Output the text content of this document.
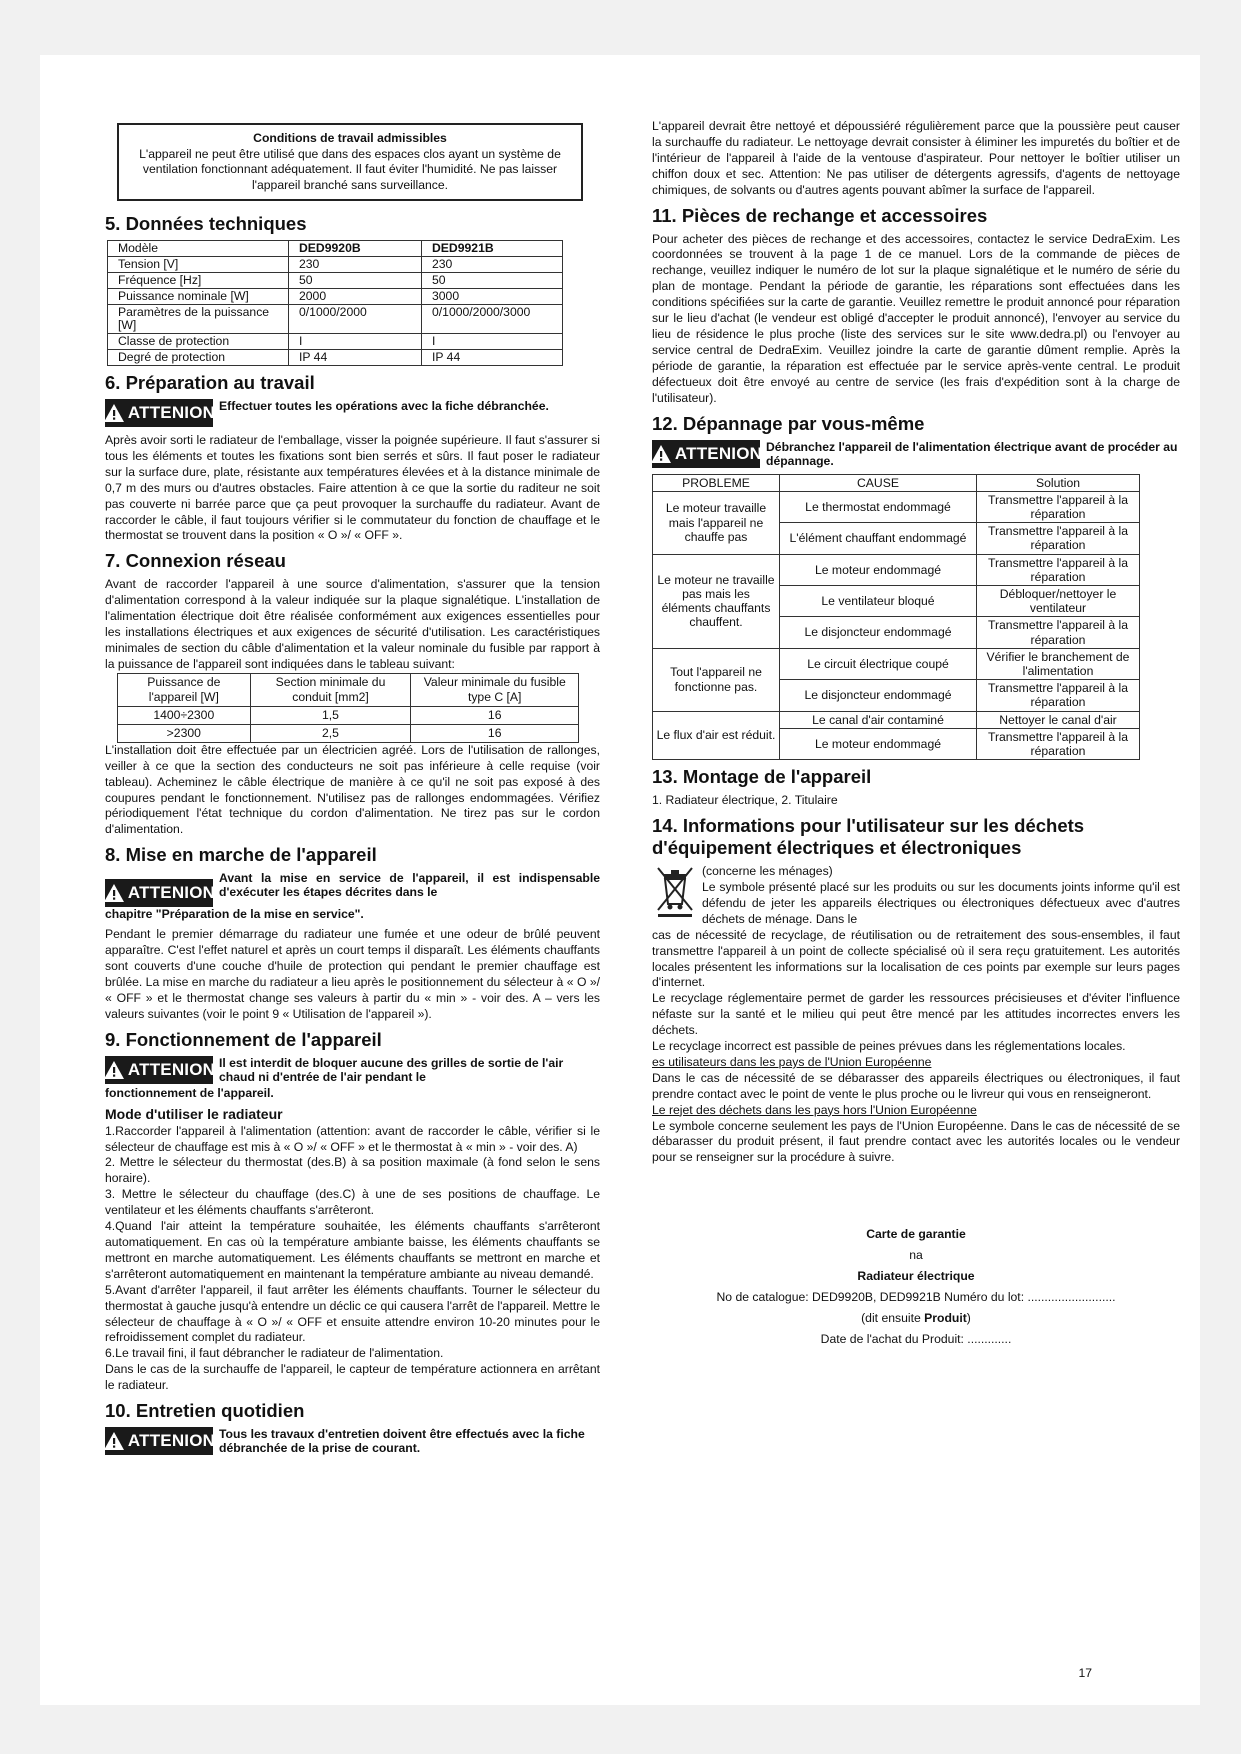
Conditions de travail admissibles
L'appareil ne peut être utilisé que dans des espaces clos ayant un système de ventilation fonctionnant adéquatement. Il faut éviter l'humidité. Ne pas laisser l'appareil branché sans surveillance.
5. Données techniques
Modèle	DED9920B	DED9921B
Tension [V]	230	230
Fréquence [Hz]	50	50
Puissance nominale [W]	2000	3000
Paramètres de la puissance [W]	0/1000/2000	0/1000/2000/3000
Classe de protection	I	I
Degré de protection	IP 44	IP 44
6. Préparation au travail
ATTENION Effectuer toutes les opérations avec la fiche débranchée.

Après avoir sorti le radiateur de l'emballage, visser la poignée supérieure. Il faut s'assurer si tous les éléments et toutes les fixations sont bien serrés et sûrs. Il faut poser le radiateur sur la surface dure, plate, résistante aux températures élevées et à la distance minimale de 0,7 m des murs ou d'autres obstacles. Faire attention à ce que la sortie du raditeur ne soit pas couverte ni barrée parce que ça peut provoquer la surchauffe du radiateur. Avant de raccorder le câble, il faut toujours vérifier si le commutateur du fonction de chauffage et le thermostat se trouvent dans la position « O »/ « OFF ».

7. Connexion réseau

Avant de raccorder l'appareil à une source d'alimentation, s'assurer que la tension d'alimentation correspond à la valeur indiquée sur la plaque signalétique. L'installation de l'alimentation électrique doit être réalisée conformément aux exigences essentielles pour les installations électriques et aux exigences de sécurité d'utilisation. Les caractéristiques minimales de section du câble d'alimentation et la valeur nominale du fusible par rapport à la puissance de l'appareil sont indiquées dans le tableau suivant:

Puissance de l'appareil [W]	Section minimale du conduit [mm2]	Valeur minimale du fusible type C [A]
1400÷2300	1,5	16
>2300	2,5	16

L'installation doit être effectuée par un électricien agréé. Lors de l'utilisation de rallonges, veiller à ce que la section des conducteurs ne soit pas inférieure à celle requise (voir tableau). Acheminez le câble électrique de manière à ce qu'il ne soit pas exposé à des coupures pendant le fonctionnement. N'utilisez pas de rallonges endommagées. Vérifiez périodiquement l'état technique du cordon d'alimentation. Ne tirez pas sur le cordon d'alimentation.

8. Mise en marche de l'appareil
ATTENION
Avant la mise en service de l'appareil, il est indispensable d'exécuter les étapes décrites dans le
chapitre "Préparation de la mise en service".

Pendant le premier démarrage du radiateur une fumée et une odeur de brûlé peuvent apparaître. C'est l'effet naturel et après un court temps il disparaît. Les éléments chauffants sont couverts d'une couche d'huile de protection qui pendant le premier chauffage est brûlée. La mise en marche du radiateur a lieu après le positionnement du sélecteur à « O »/ « OFF » et le thermostat change ses valeurs à partir du « min » - voir des. A – vers les valeurs suivantes (voir le point 9 « Utilisation de l'appareil »).

9. Fonctionnement de l'appareil
ATTENION Il est interdit de bloquer aucune des grilles de sortie de l'air chaud ni d'entrée de l'air pendant le
fonctionnement de l'appareil.
Mode d'utiliser le radiateur

1.Raccorder l'appareil à l'alimentation (attention: avant de raccorder le câble, vérifier si le sélecteur de chauffage est mis à « O »/ « OFF » et le thermostat à « min » - voir des. A)

2. Mettre le sélecteur du thermostat (des.B) à sa position maximale (à fond selon le sens horaire).

3. Mettre le sélecteur du chauffage (des.C) à une de ses positions de chauffage. Le ventilateur et les éléments chauffants s'arrêteront.

4.Quand l'air atteint la température souhaitée, les éléments chauffants s'arrêteront automatiquement. En cas où la température ambiante baisse, les éléments chauffants se mettront en marche automatiquement. Les éléments chauffants se mettront en marche et s'arrêteront automatiquement en maintenant la température ambiante au niveau demandé.

5.Avant d'arrêter l'appareil, il faut arrêter les éléments chauffants. Tourner le sélecteur du thermostat à gauche jusqu'à entendre un déclic ce qui causera l'arrêt de l'appareil. Mettre le sélecteur de chauffage à « O »/ « OFF et ensuite attendre environ 10-20 minutes pour le refroidissement complet du radiateur.

6.Le travail fini, il faut débrancher le radiateur de l'alimentation.

Dans le cas de la surchauffe de l'appareil, le capteur de température actionnera en arrêtant le radiateur.

10. Entretien quotidien
ATTENION Tous les travaux d'entretien doivent être effectués avec la fiche débranchée de la prise de courant.

L'appareil devrait être nettoyé et dépoussiéré régulièrement parce que la poussière peut causer la surchauffe du radiateur. Le nettoyage devrait consister à éliminer les impuretés du boîtier et de l'intérieur de l'appareil à l'aide de la ventouse d'aspirateur. Pour nettoyer le boîtier utiliser un chiffon doux et sec. Attention: Ne pas utiliser de détergents agressifs, d'agents de nettoyage chimiques, de solvants ou d'autres agents pouvant abîmer la surface de l'appareil.

11. Pièces de rechange et accessoires

Pour acheter des pièces de rechange et des accessoires, contactez le service DedraExim. Les coordonnées se trouvent à la page 1 de ce manuel. Lors de la commande de pièces de rechange, veuillez indiquer le numéro de lot sur la plaque signalétique et le numéro de série du plan de montage. Pendant la période de garantie, les réparations sont effectuées dans les conditions spécifiées sur la carte de garantie. Veuillez remettre le produit annoncé pour réparation sur le lieu d'achat (le vendeur est obligé d'accepter le produit annoncé), l'envoyer au service du lieu de résidence le plus proche (liste des services sur le site www.dedra.pl) ou l'envoyer au service central de DedraExim. Veuillez joindre la carte de garantie dûment remplie. Après la période de garantie, la réparation est effectuée par le service après-vente central. Le produit défectueux doit être envoyé au centre de service (les frais d'expédition sont à la charge de l'utilisateur).

12. Dépannage par vous-même
ATTENION Débranchez l'appareil de l'alimentation électrique avant de procéder au dépannage.
PROBLEME	CAUSE	Solution
Le moteur travaille mais l'appareil ne chauffe pas	Le thermostat endommagé	Transmettre l'appareil à la réparation
	L'élément chauffant endommagé	Transmettre l'appareil à la réparation
Le moteur ne travaille pas mais les éléments chauffants chauffent.	Le moteur endommagé	Transmettre l'appareil à la réparation
	Le ventilateur bloqué	Débloquer/nettoyer le ventilateur
	Le disjoncteur endommagé	Transmettre l'appareil à la réparation
Tout l'appareil ne fonctionne pas.	Le circuit électrique coupé	Vérifier le branchement de l'alimentation
	Le disjoncteur endommagé	Transmettre l'appareil à la réparation
Le flux d'air est réduit.	Le canal d'air contaminé	Nettoyer le canal d'air
	Le moteur endommagé	Transmettre l'appareil à la réparation
13. Montage de l'appareil

1. Radiateur électrique, 2. Titulaire

14. Informations pour l'utilisateur sur les déchets d'équipement électriques et électroniques

(concerne les ménages)

Le symbole présenté placé sur les produits ou sur les documents joints informe qu'il est défendu de jeter les appareils électriques ou électroniques défectueux avec d'autres déchets de ménage. Dans le

cas de nécessité de recyclage, de réutilisation ou de retraitement des sous-ensembles, il faut transmettre l'appareil à un point de collecte spécialisé où il sera reçu gratuitement. Les autorités locales présentent les informations sur la localisation de ces points par exemple sur leurs pages d'internet.

Le recyclage réglementaire permet de garder les ressources précisieuses et d'éviter l'influence néfaste sur la santé et le milieu qui peut être mencé par les attitudes incorrectes envers les déchets.

Le recyclage incorrect est passible de peines prévues dans les réglementations locales.

es utilisateurs dans les pays de l'Union Européenne

Dans le cas de nécessité de se débarasser des appareils électriques ou électroniques, il faut prendre contact avec le point de vente le plus proche ou le livreur qui vous en renseigneront.

Le rejet des déchets dans les pays hors l'Union Européenne

Le symbole concerne seulement les pays de l'Union Européenne. Dans le cas de nécessité de se débarasser du produit présent, il faut prendre contact avec les autorités locales ou le vendeur pour se renseigner sur la procédure à suivre.

Carte de garantie
na
Radiateur électrique
No de catalogue: DED9920B, DED9921B Numéro du lot: ..........................
(dit ensuite Produit)
Date de l'achat du Produit: .............
17
